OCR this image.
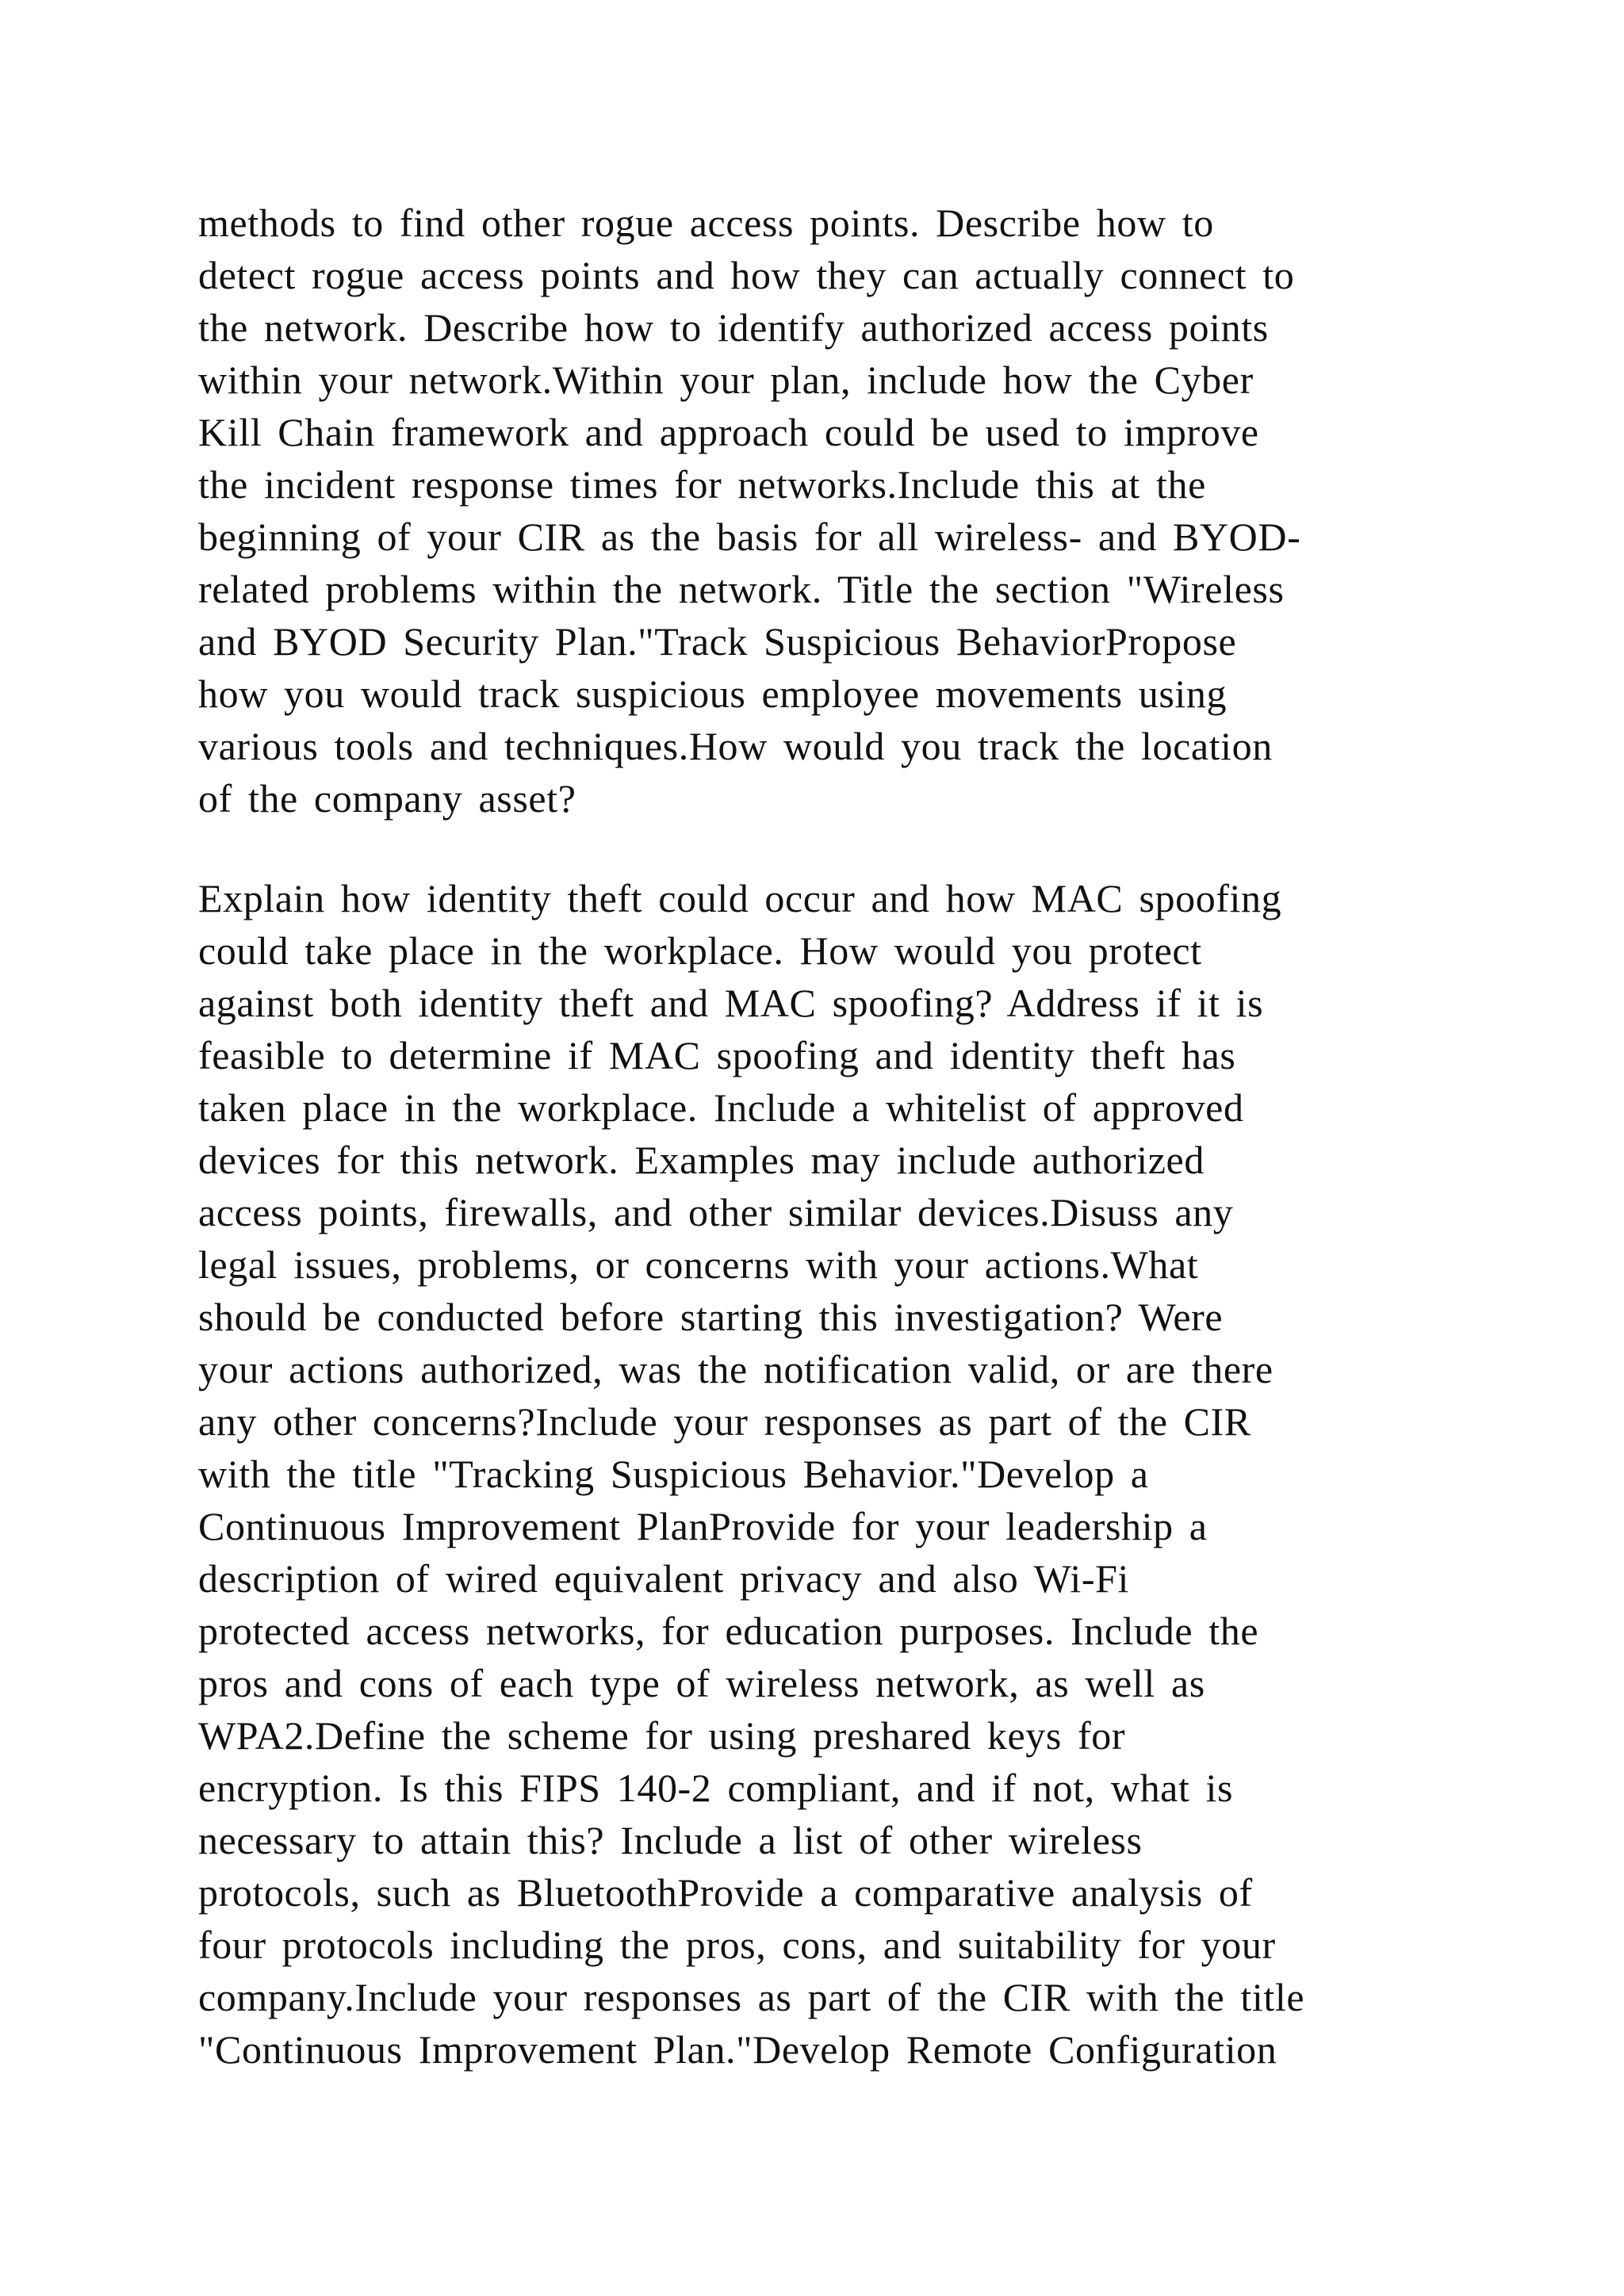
methods to find other rogue access points. Describe how to
detect rogue access points and how they can actually connect to
the network. Describe how to identify authorized access points
within your network.Within your plan, include how the Cyber
Kill Chain framework and approach could be used to improve
the incident response times for networks.Include this at the
beginning of your CIR as the basis for all wireless- and BYOD-
related problems within the network. Title the section "Wireless
and BYOD Security Plan."Track Suspicious BehaviorPropose
how you would track suspicious employee movements using
various tools and techniques.How would you track the location
of the company asset?
Explain how identity theft could occur and how MAC spoofing
could take place in the workplace. How would you protect
against both identity theft and MAC spoofing? Address if it is
feasible to determine if MAC spoofing and identity theft has
taken place in the workplace. Include a whitelist of approved
devices for this network. Examples may include authorized
access points, firewalls, and other similar devices.Disuss any
legal issues, problems, or concerns with your actions.What
should be conducted before starting this investigation? Were
your actions authorized, was the notification valid, or are there
any other concerns?Include your responses as part of the CIR
with the title "Tracking Suspicious Behavior."Develop a
Continuous Improvement PlanProvide for your leadership a
description of wired equivalent privacy and also Wi-Fi
protected access networks, for education purposes. Include the
pros and cons of each type of wireless network, as well as
WPA2.Define the scheme for using preshared keys for
encryption. Is this FIPS 140-2 compliant, and if not, what is
necessary to attain this? Include a list of other wireless
protocols, such as BluetoothProvide a comparative analysis of
four protocols including the pros, cons, and suitability for your
company.Include your responses as part of the CIR with the title
"Continuous Improvement Plan."Develop Remote Configuration
